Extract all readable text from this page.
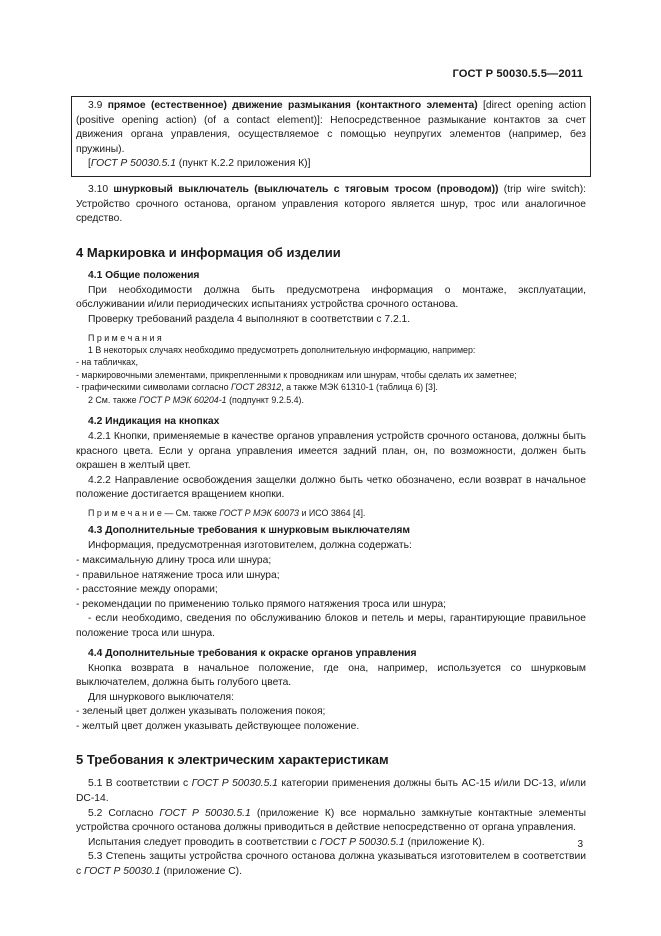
ГОСТ Р 50030.5.5—2011

3.9 прямое (естественное) движение размыкания (контактного элемента) [direct opening action (positive opening action) (of a contact element)]: Непосредственное размыкание контактов за счет движения органа управления, осуществляемое с помощью неупругих элементов (например, без пружины).

[ГОСТ Р 50030.5.1 (пункт К.2.2 приложения К)]

3.10 шнурковый выключатель (выключатель с тяговым тросом (проводом)) (trip wire switch): Устройство срочного останова, органом управления которого является шнур, трос или аналогичное средство.

4 Маркировка и информация об изделии
4.1 Общие положения

При необходимости должна быть предусмотрена информация о монтаже, эксплуатации, обслуживании и/или периодических испытаниях устройства срочного останова.

Проверку требований раздела 4 выполняют в соответствии с 7.2.1.

П р и м е ч а н и я

1 В некоторых случаях необходимо предусмотреть дополнительную информацию, например:

- на табличках,

- маркировочными элементами, прикрепленными к проводникам или шнурам, чтобы сделать их заметнее;

- графическими символами согласно ГОСТ 28312, а также МЭК 61310-1 (таблица 6) [3].

2 См. также ГОСТ Р МЭК 60204-1 (подпункт 9.2.5.4).

4.2 Индикация на кнопках

4.2.1 Кнопки, применяемые в качестве органов управления устройств срочного останова, должны быть красного цвета. Если у органа управления имеется задний план, он, по возможности, должен быть окрашен в желтый цвет.

4.2.2 Направление освобождения защелки должно быть четко обозначено, если возврат в начальное положение достигается вращением кнопки.

П р и м е ч а н и е — См. также ГОСТ Р МЭК 60073 и ИСО 3864 [4].

4.3 Дополнительные требования к шнурковым выключателям

Информация, предусмотренная изготовителем, должна содержать:

- максимальную длину троса или шнура;

- правильное натяжение троса или шнура;

- расстояние между опорами;

- рекомендации по применению только прямого натяжения троса или шнура;

- если необходимо, сведения по обслуживанию блоков и петель и меры, гарантирующие правильное положение троса или шнура.

4.4 Дополнительные требования к окраске органов управления

Кнопка возврата в начальное положение, где она, например, используется со шнурковым выключателем, должна быть голубого цвета.

Для шнуркового выключателя:

- зеленый цвет должен указывать положения покоя;

- желтый цвет должен указывать действующее положение.

5 Требования к электрическим характеристикам

5.1 В соответствии с ГОСТ Р 50030.5.1 категории применения должны быть AC-15 и/или DC-13, и/или DC-14.

5.2 Согласно ГОСТ Р 50030.5.1 (приложение К) все нормально замкнутые контактные элементы устройства срочного останова должны приводиться в действие непосредственно от органа управления.

Испытания следует проводить в соответствии с ГОСТ Р 50030.5.1 (приложение К).

5.3 Степень защиты устройства срочного останова должна указываться изготовителем в соответствии с ГОСТ Р 50030.1 (приложение С).

3
